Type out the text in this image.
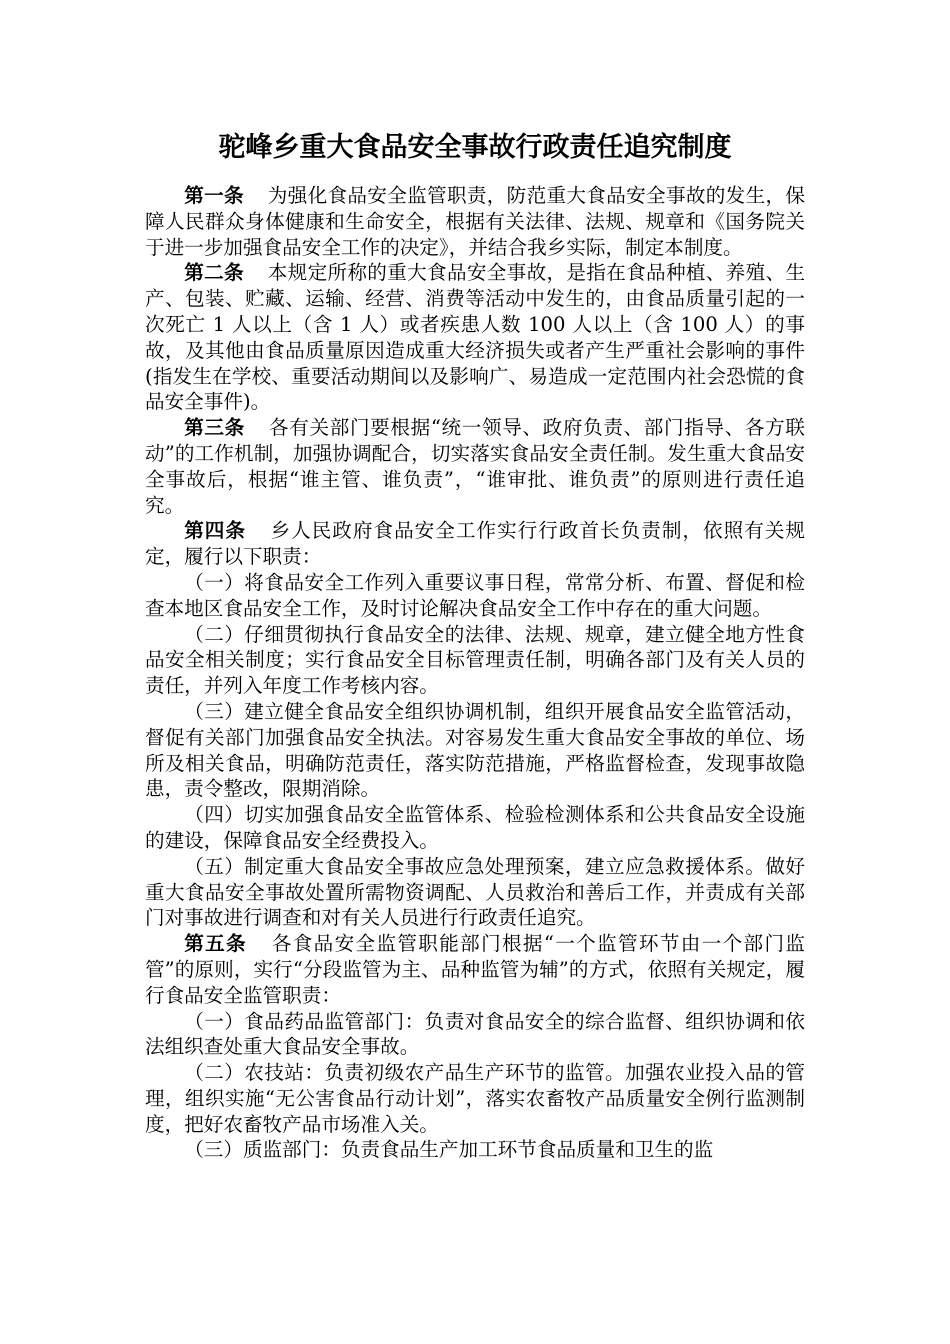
驼峰乡重大食品安全事故行政责任追究制度

第一条 为强化食品安全监管职责，防范重大食品安全事故的发生，保障人民群众身体健康和生命安全，根据有关法律、法规、规章和《国务院关于进一步加强食品安全工作的决定》，并结合我乡实际，制定本制度。

第二条 本规定所称的重大食品安全事故，是指在食品种植、养殖、生产、包装、贮藏、运输、经营、消费等活动中发生的，由食品质量引起的一次死亡 1 人以上（含 1 人）或者疾患人数 100 人以上（含 100 人）的事故，及其他由食品质量原因造成重大经济损失或者产生严重社会影响的事件(指发生在学校、重要活动期间以及影响广、易造成一定范围内社会恐慌的食品安全事件)。

第三条 各有关部门要根据“统一领导、政府负责、部门指导、各方联动”的工作机制，加强协调配合，切实落实食品安全责任制。发生重大食品安全事故后，根据“谁主管、谁负责”，“谁审批、谁负责”的原则进行责任追究。

第四条 乡人民政府食品安全工作实行行政首长负责制，依照有关规定，履行以下职责：

（一）将食品安全工作列入重要议事日程，常常分析、布置、督促和检查本地区食品安全工作，及时讨论解决食品安全工作中存在的重大问题。

（二）仔细贯彻执行食品安全的法律、法规、规章，建立健全地方性食品安全相关制度；实行食品安全目标管理责任制，明确各部门及有关人员的责任，并列入年度工作考核内容。

（三）建立健全食品安全组织协调机制，组织开展食品安全监管活动，督促有关部门加强食品安全执法。对容易发生重大食品安全事故的单位、场所及相关食品，明确防范责任，落实防范措施，严格监督检查，发现事故隐患，责令整改，限期消除。

（四）切实加强食品安全监管体系、检验检测体系和公共食品安全设施的建设，保障食品安全经费投入。

（五）制定重大食品安全事故应急处理预案，建立应急救援体系。做好重大食品安全事故处置所需物资调配、人员救治和善后工作，并责成有关部门对事故进行调查和对有关人员进行行政责任追究。

第五条 各食品安全监管职能部门根据“一个监管环节由一个部门监管”的原则，实行“分段监管为主、品种监管为辅”的方式，依照有关规定，履行食品安全监管职责：

（一）食品药品监管部门：负责对食品安全的综合监督、组织协调和依法组织查处重大食品安全事故。

（二）农技站：负责初级农产品生产环节的监管。加强农业投入品的管理，组织实施“无公害食品行动计划”，落实农畜牧产品质量安全例行监测制度，把好农畜牧产品市场准入关。

（三）质监部门：负责食品生产加工环节食品质量和卫生的监
